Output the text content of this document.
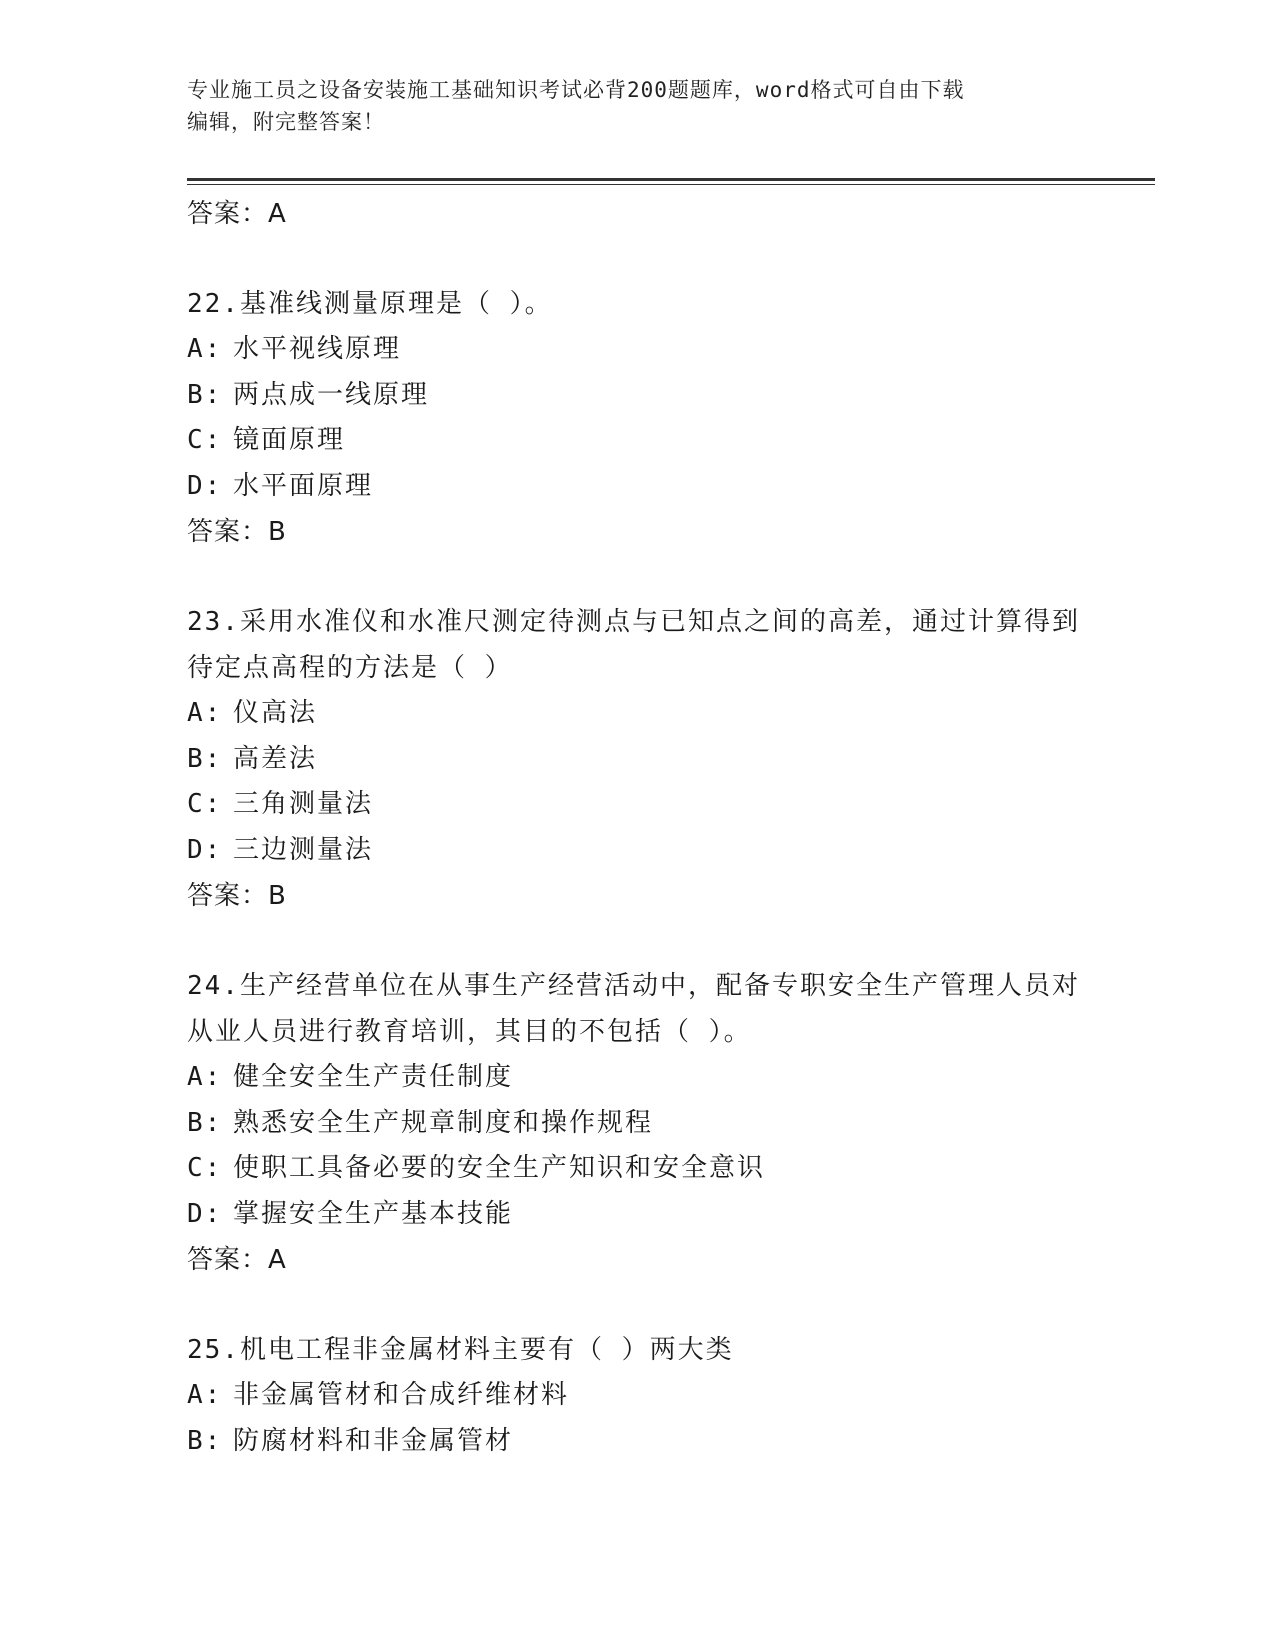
专业施工员之设备安装施工基础知识考试必背200题题库，word格式可自由下载
编辑，附完整答案！
答案：A
22.基准线测量原理是（ ）。
A: 水平视线原理
B: 两点成一线原理
C: 镜面原理
D: 水平面原理
答案：B
23.采用水准仪和水准尺测定待测点与已知点之间的高差，通过计算得到待定点高程的方法是（ ）
A: 仪高法
B: 高差法
C: 三角测量法
D: 三边测量法
答案：B
24.生产经营单位在从事生产经营活动中，配备专职安全生产管理人员对从业人员进行教育培训，其目的不包括（ ）。
A: 健全安全生产责任制度
B: 熟悉安全生产规章制度和操作规程
C: 使职工具备必要的安全生产知识和安全意识
D: 掌握安全生产基本技能
答案：A
25.机电工程非金属材料主要有（ ）两大类
A: 非金属管材和合成纤维材料
B: 防腐材料和非金属管材
